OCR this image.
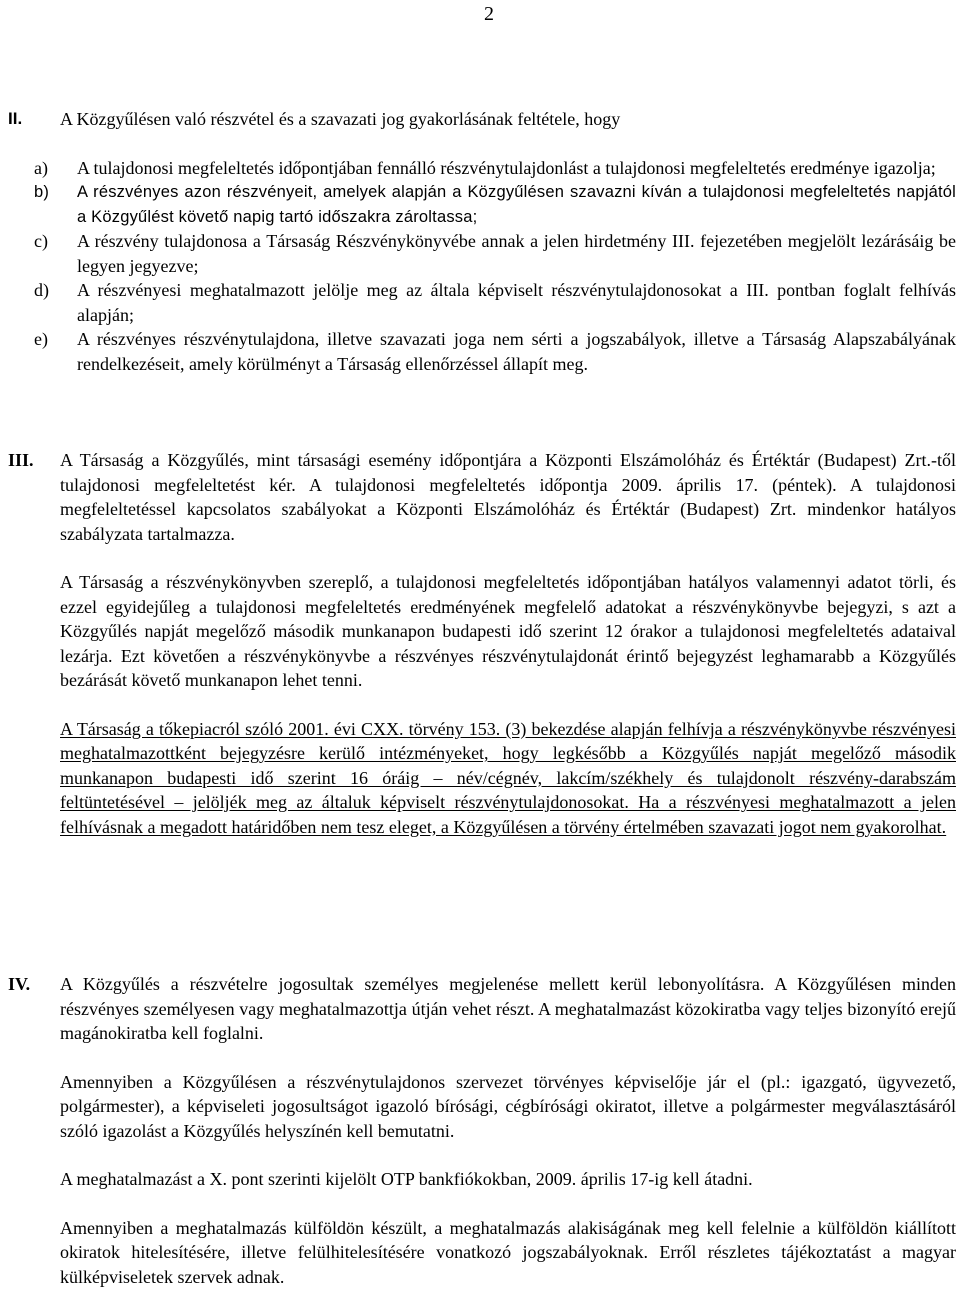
2
II. A Közgyűlésen való részvétel és a szavazati jog gyakorlásának feltétele, hogy

a) A tulajdonosi megfeleltetés időpontjában fennálló részvénytulajdonlást a tulajdonosi megfeleltetés eredménye igazolja;
b) A részvényes azon részvényeit, amelyek alapján a Közgyűlésen szavazni kíván a tulajdonosi megfeleltetés napjától a Közgyűlést követő napig tartó időszakra zároltassa;
c) A részvény tulajdonosa a Társaság Részvénykönyvébe annak a jelen hirdetmény III. fejezetében megjelölt lezárásáig be legyen jegyezve;
d) A részvényesi meghatalmazott jelölje meg az általa képviselt részvénytulajdonosokat a III. pontban foglalt felhívás alapján;
e) A részvényes részvénytulajdona, illetve szavazati joga nem sérti a jogszabályok, illetve a Társaság Alapszabályának rendelkezéseit, amely körülményt a Társaság ellenőrzéssel állapít meg.
III. A Társaság a Közgyűlés, mint társasági esemény időpontjára a Központi Elszámolóház és Értéktár (Budapest) Zrt.-től tulajdonosi megfeleltetést kér. A tulajdonosi megfeleltetés időpontja 2009. április 17. (péntek). A tulajdonosi megfeleltetéssel kapcsolatos szabályokat a Központi Elszámolóház és Értéktár (Budapest) Zrt. mindenkor hatályos szabályzata tartalmazza.

A Társaság a részvénykönyvben szereplő, a tulajdonosi megfeleltetés időpontjában hatályos valamennyi adatot törli, és ezzel egyidejűleg a tulajdonosi megfeleltetés eredményének megfelelő adatokat a részvénykönyvbe bejegyzi, s azt a Közgyűlés napját megelőző második munkanapon budapesti idő szerint 12 órakor a tulajdonosi megfeleltetés adataival lezárja. Ezt követően a részvénykönyvbe a részvényes részvénytulajdonát érintő bejegyzést leghamarabb a Közgyűlés bezárását követő munkanapon lehet tenni.

A Társaság a tőkepiacról szóló 2001. évi CXX. törvény 153. (3) bekezdése alapján felhívja a részvénykönyvbe részvényesi meghatalmazottként bejegyzésre kerülő intézményeket, hogy legkésőbb a Közgyűlés napját megelőző második munkanapon budapesti idő szerint 16 óráig – név/cégnév, lakcím/székhely és tulajdonolt részvény-darabszám feltüntetésével – jelöljék meg az általuk képviselt részvénytulajdonosokat. Ha a részvényesi meghatalmazott a jelen felhívásnak a megadott határidőben nem tesz eleget, a Közgyűlésen a törvény értelmében szavazati jogot nem gyakorolhat.

IV. A Közgyűlés a részvételre jogosultak személyes megjelenése mellett kerül lebonyolításra. A Közgyűlésen minden részvényes személyesen vagy meghatalmazottja útján vehet részt. A meghatalmazást közokiratba vagy teljes bizonyító erejű magánokiratba kell foglalni.

Amennyiben a Közgyűlésen a részvénytulajdonos szervezet törvényes képviselője jár el (pl.: igazgató, ügyvezető, polgármester), a képviseleti jogosultságot igazoló bírósági, cégbírósági okiratot, illetve a polgármester megválasztásáról szóló igazolást a Közgyűlés helyszínén kell bemutatni.

A meghatalmazást a X. pont szerinti kijelölt OTP bankfiókokban, 2009. április 17-ig kell átadni.

Amennyiben a meghatalmazás külföldön készült, a meghatalmazás alakiságának meg kell felelnie a külföldön kiállított okiratok hitelesítésére, illetve felülhitelesítésére vonatkozó jogszabályoknak. Erről részletes tájékoztatást a magyar külképviseletek szervek adnak.
